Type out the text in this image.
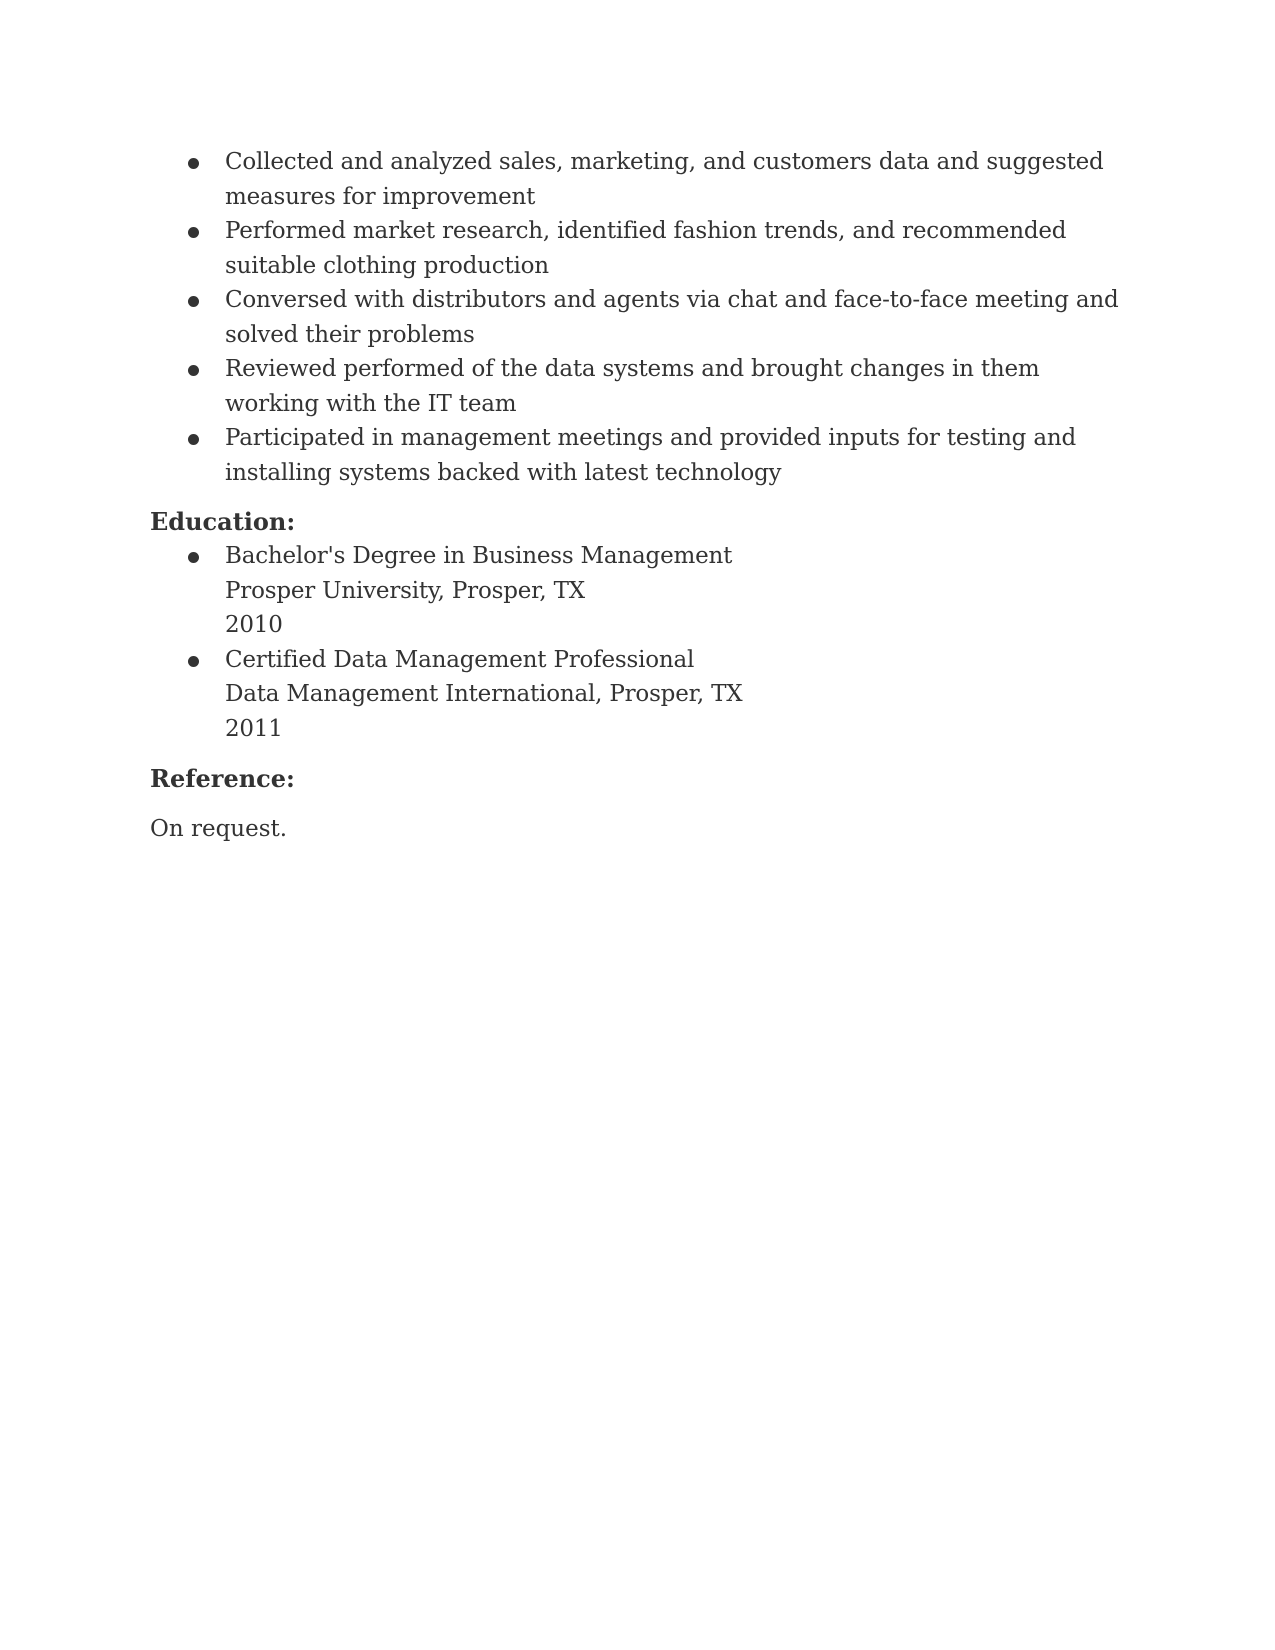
Collected and analyzed sales, marketing, and customers data and suggested measures for improvement
Performed market research, identified fashion trends, and recommended suitable clothing production
Conversed with distributors and agents via chat and face-to-face meeting and solved their problems
Reviewed performed of the data systems and brought changes in them working with the IT team
Participated in management meetings and provided inputs for testing and installing systems backed with latest technology
Education:
Bachelor's Degree in Business Management
Prosper University, Prosper, TX
2010
Certified Data Management Professional
Data Management International, Prosper, TX
2011
Reference:

On request.
